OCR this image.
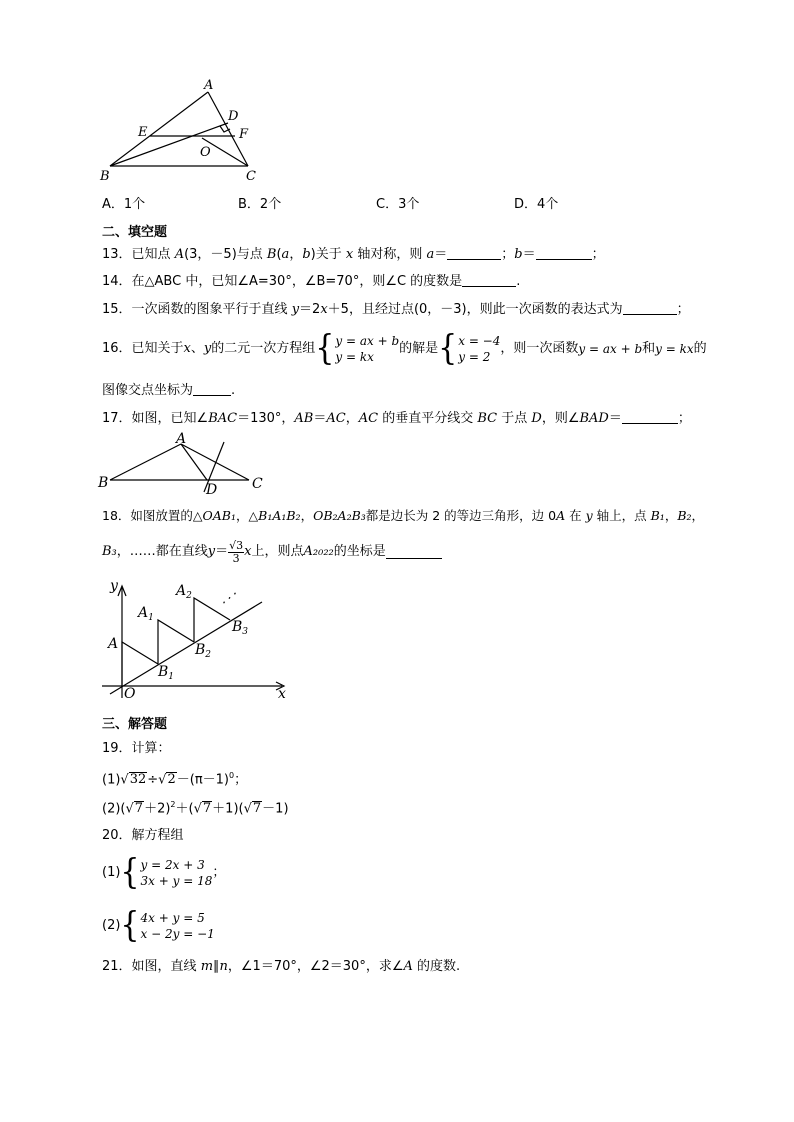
A
B	C
D
E	F
O
A．1个	B．2个	C．3个	D．4个
二、填空题
13．已知点 A(3，－5)与点 B(a，b)关于 x 轴对称，则 a＝	；b＝	；
14．在△ABC 中，已知∠A=30°，∠B=70°，则∠C 的度数是	.
15．一次函数的图象平行于直线 y＝2x＋5，且经过点(0，－3)，则此一次函数的表达式为	；
16．已知关于 x 、 y 的二元一次方程组 { y = ax + b
y = kx
的解是 { x = −4
y = 2
，则一次函数 y = ax + b 和 y = kx 的
图像交点坐标为	.
17．如图，已知∠BAC＝130°，AB＝AC，AC 的垂直平分线交 BC 于点 D，则∠BAD＝	；
A
B	C
D
18．如图放置的△OAB₁，△B₁A₁B₂，OB₂A₂B₃都是边长为 2 的等边三角形，边 0A 在 y 轴上，点 B₁，B₂，
B₃ ，……都在直线 $y = \frac{√3}{3}$ x 上，则点 A₂₀₂₂ 的坐标是
y
x
O
A
$A_1$
$A_2$
$B_1$
$B_2$
$B_3$
⋰
三、解答题
19．计算：
$(1)√32\div√2-(\pi-1)^0$；
$(2)(√7+2)^2+(√7+1)(√7-1)$
20．解方程组
(1) { y = 2x + 3
3x + y = 18
；
(2) { 4x + y = 5
x − 2y = −1
21．如图，直线 m∥n，∠1＝70°，∠2＝30°，求∠A 的度数.
